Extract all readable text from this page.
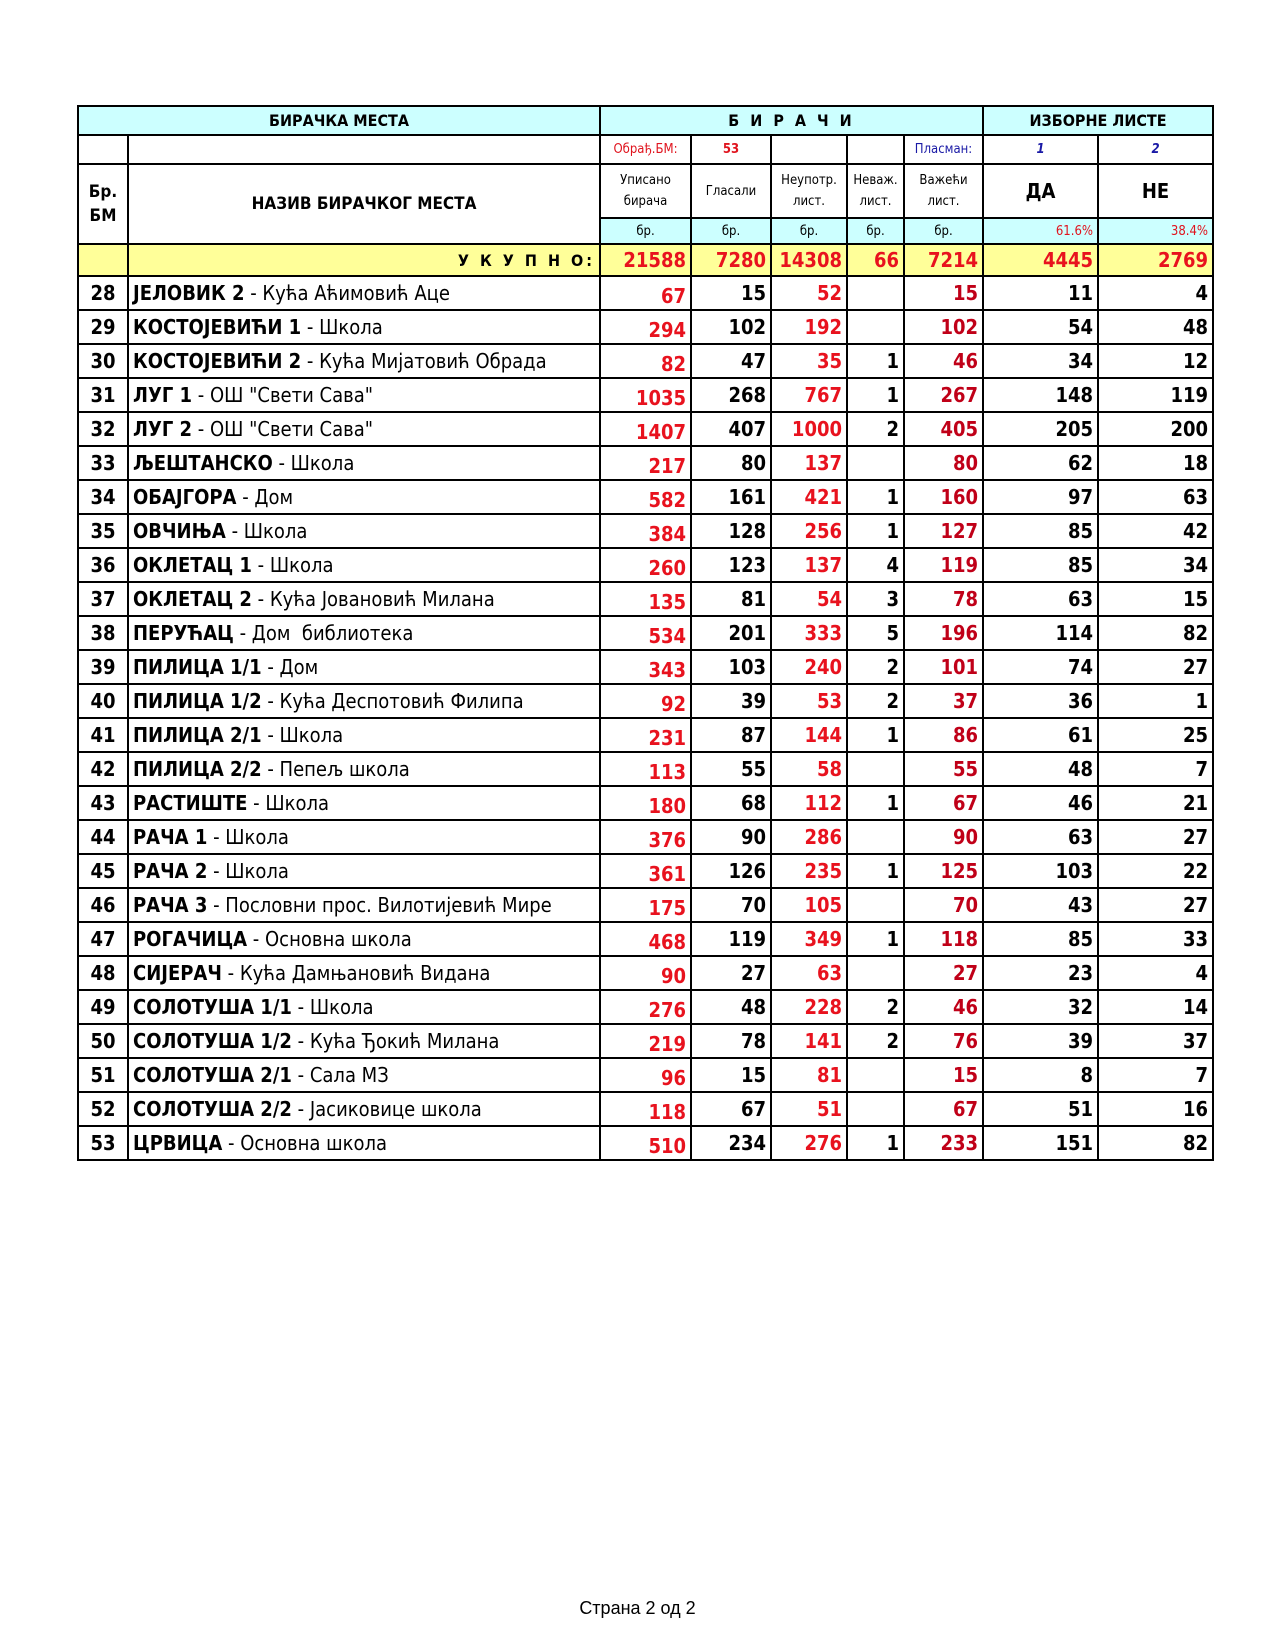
БИРАЧКА МЕСТА		Б И Р А Ч И					ИЗБОРНЕ ЛИСТЕ	
		Обрађ.БМ:	53			Пласман:	1	2
Бр. БМ	НАЗИВ БИРАЧКОГ МЕСТА	Уписано бирача	Гласали	Неупотр. лист.	Неваж. лист.	Важећи лист.	ДА	НЕ
		бр.	бр.	бр.	бр.	бр.	61.6%	38.4%
	У К У П Н О:	21588	7280	14308	66	7214	4445	2769
28	ЈЕЛОВИК 2 - Кућа Аћимовић Аце	67	15	52		15	11	4
29	КОСТОЈЕВИЋИ 1 - Школа	294	102	192		102	54	48
30	КОСТОЈЕВИЋИ 2 - Кућа Мијатовић Обрада	82	47	35	1	46	34	12
31	ЛУГ 1 - ОШ "Свети Сава"	1035	268	767	1	267	148	119
32	ЛУГ 2 - ОШ "Свети Сава"	1407	407	1000	2	405	205	200
33	ЉЕШТАНСКО - Школа	217	80	137		80	62	18
34	ОБАЈГОРА - Дом	582	161	421	1	160	97	63
35	ОВЧИЊА - Школа	384	128	256	1	127	85	42
36	ОКЛЕТАЦ 1 - Школа	260	123	137	4	119	85	34
37	ОКЛЕТАЦ 2 - Кућа Јовановић Милана	135	81	54	3	78	63	15
38	ПЕРУЋАЦ - Дом  библиотека	534	201	333	5	196	114	82
39	ПИЛИЦА 1/1 - Дом	343	103	240	2	101	74	27
40	ПИЛИЦА 1/2 - Кућа Деспотовић Филипа	92	39	53	2	37	36	1
41	ПИЛИЦА 2/1 - Школа	231	87	144	1	86	61	25
42	ПИЛИЦА 2/2 - Пепељ школа	113	55	58		55	48	7
43	РАСТИШТЕ - Школа	180	68	112	1	67	46	21
44	РАЧА 1 - Школа	376	90	286		90	63	27
45	РАЧА 2 - Школа	361	126	235	1	125	103	22
46	РАЧА 3 - Пословни прос. Вилотијевић Мире	175	70	105		70	43	27
47	РОГАЧИЦА - Основна школа	468	119	349	1	118	85	33
48	СИЈЕРАЧ - Кућа Дамњановић Видана	90	27	63		27	23	4
49	СОЛОТУША 1/1 - Школа	276	48	228	2	46	32	14
50	СОЛОТУША 1/2 - Кућа Ђокић Милана	219	78	141	2	76	39	37
51	СОЛОТУША 2/1 - Сала МЗ	96	15	81		15	8	7
52	СОЛОТУША 2/2 - Јасиковице школа	118	67	51		67	51	16
53	ЦРВИЦА - Основна школа	510	234	276	1	233	151	82
Страна 2 од 2
